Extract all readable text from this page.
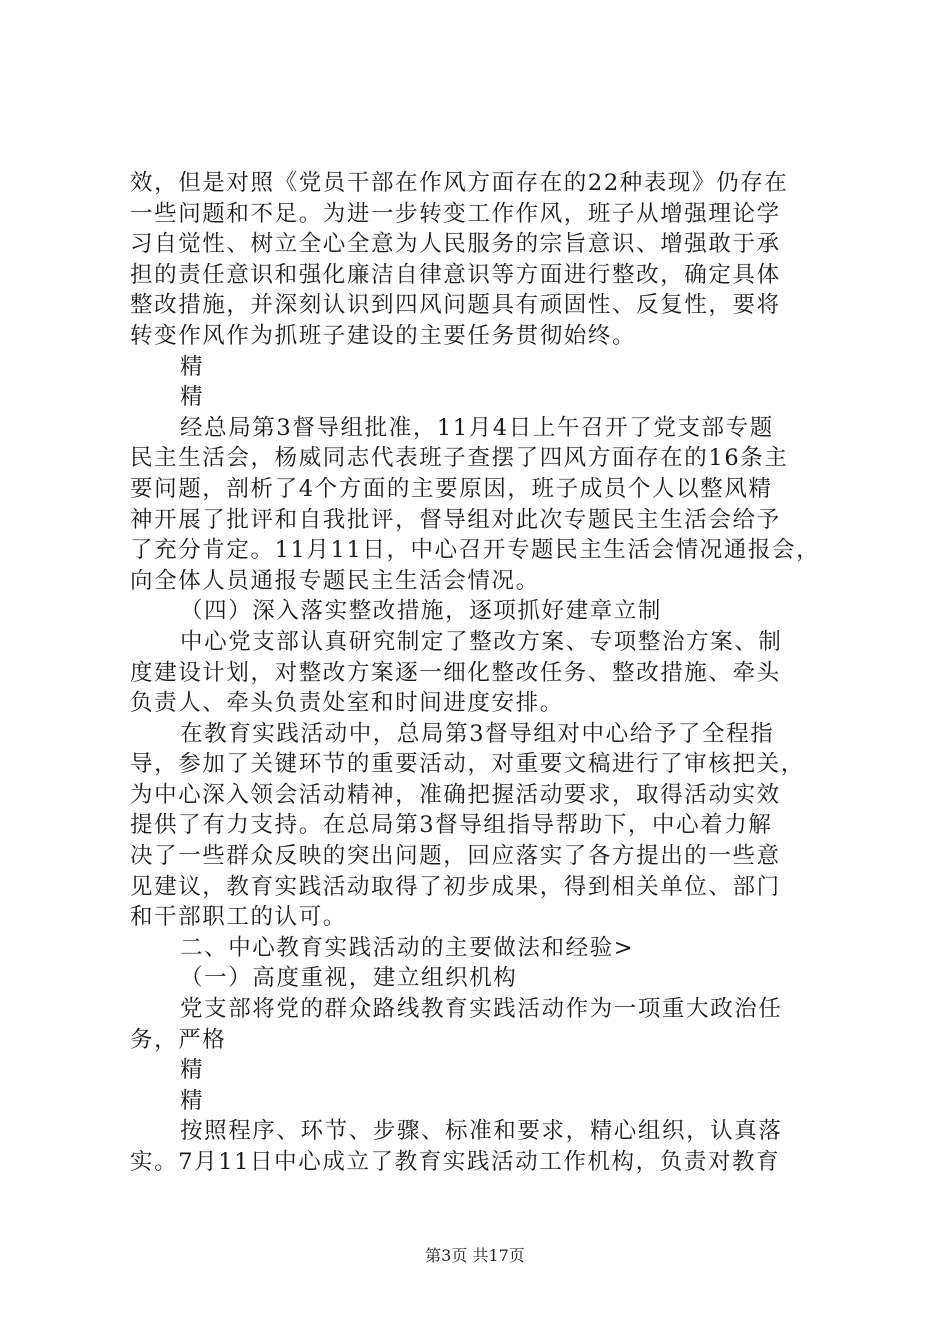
效，但是对照《党员干部在作风方面存在的22种表现》仍存在
一些问题和不足。为进一步转变工作作风，班子从增强理论学
习自觉性、树立全心全意为人民服务的宗旨意识、增强敢于承
担的责任意识和强化廉洁自律意识等方面进行整改，确定具体
整改措施，并深刻认识到四风问题具有顽固性、反复性，要将
转变作风作为抓班子建设的主要任务贯彻始终。
精
精
经总局第3督导组批准，11月4日上午召开了党支部专题
民主生活会，杨威同志代表班子查摆了四风方面存在的16条主
要问题，剖析了4个方面的主要原因，班子成员个人以整风精
神开展了批评和自我批评，督导组对此次专题民主生活会给予
了充分肯定。11月11日，中心召开专题民主生活会情况通报会，
向全体人员通报专题民主生活会情况。
（四）深入落实整改措施，逐项抓好建章立制
中心党支部认真研究制定了整改方案、专项整治方案、制
度建设计划，对整改方案逐一细化整改任务、整改措施、牵头
负责人、牵头负责处室和时间进度安排。
在教育实践活动中，总局第3督导组对中心给予了全程指
导，参加了关键环节的重要活动，对重要文稿进行了审核把关，
为中心深入领会活动精神，准确把握活动要求，取得活动实效
提供了有力支持。在总局第3督导组指导帮助下，中心着力解
决了一些群众反映的突出问题，回应落实了各方提出的一些意
见建议，教育实践活动取得了初步成果，得到相关单位、部门
和干部职工的认可。
二、中心教育实践活动的主要做法和经验>
（一）高度重视，建立组织机构
党支部将党的群众路线教育实践活动作为一项重大政治任
务，严格
精
精
按照程序、环节、步骤、标准和要求，精心组织，认真落
实。7月11日中心成立了教育实践活动工作机构，负责对教育
第3页 共17页
